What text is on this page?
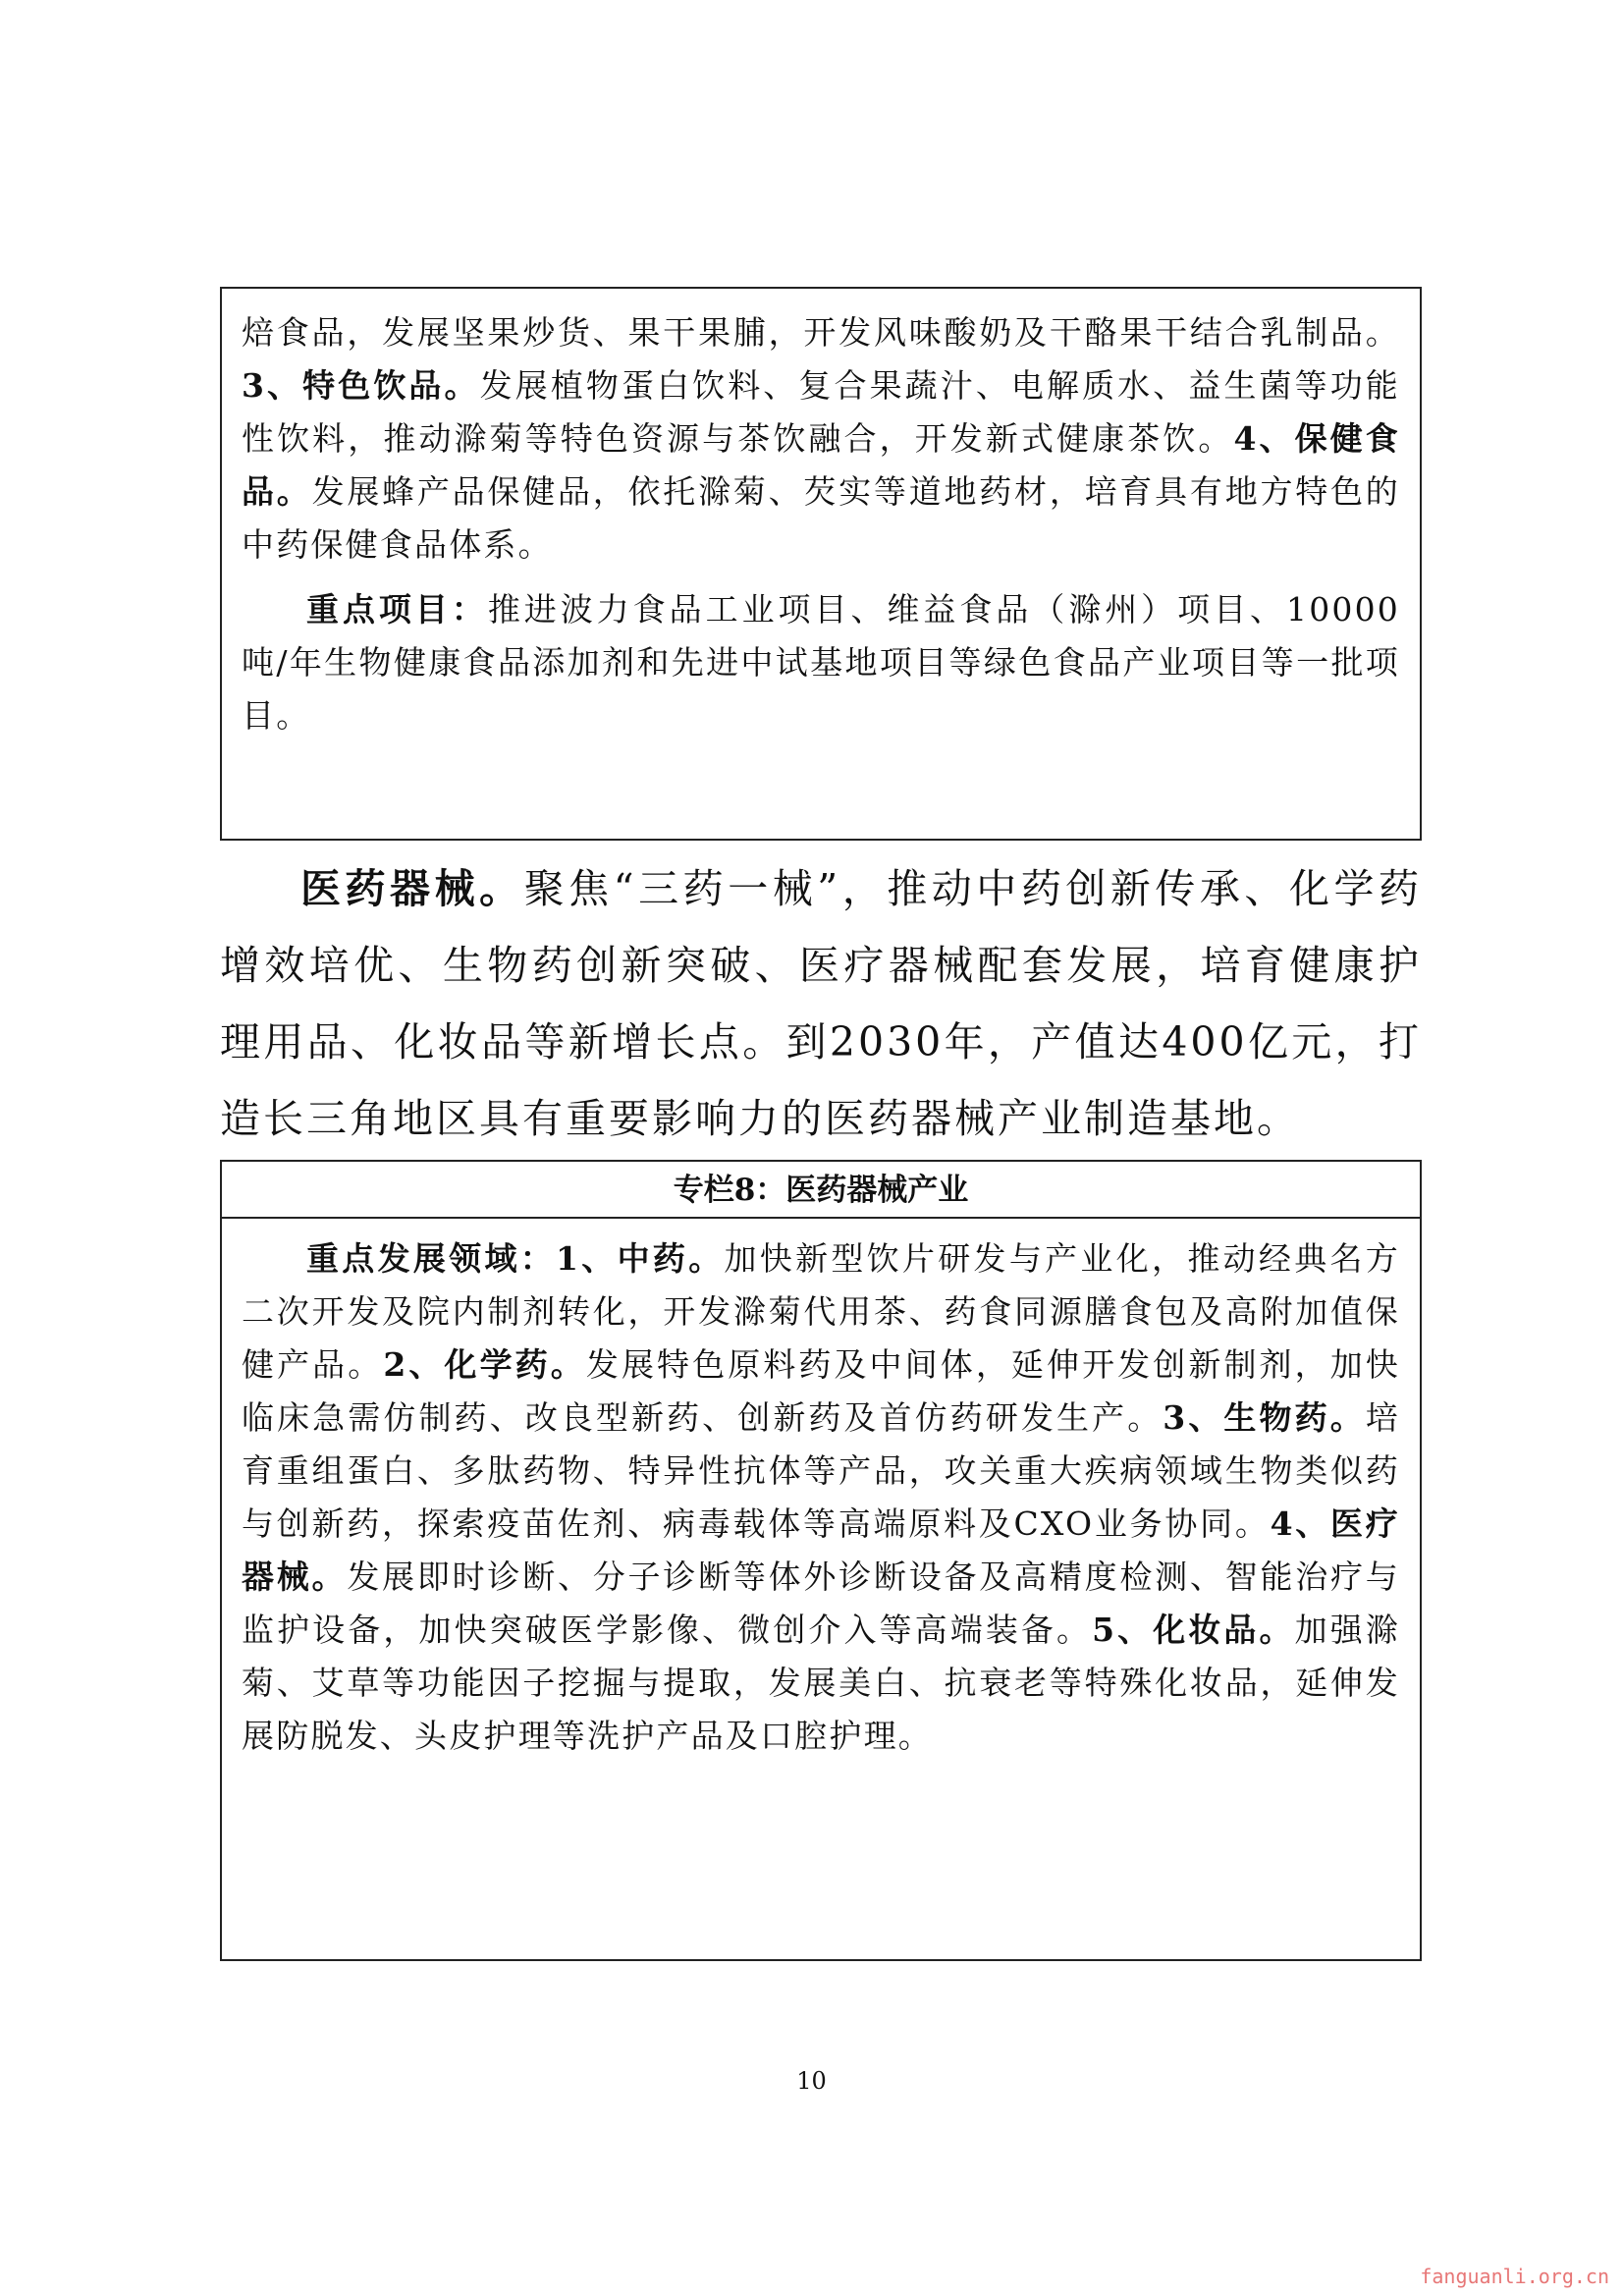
焙食品，发展坚果炒货、果干果脯，开发风味酸奶及干酪果干结合乳制品。3、特色饮品。发展植物蛋白饮料、复合果蔬汁、电解质水、益生菌等功能性饮料，推动滁菊等特色资源与茶饮融合，开发新式健康茶饮。4、保健食品。发展蜂产品保健品，依托滁菊、芡实等道地药材，培育具有地方特色的中药保健食品体系。

重点项目：推进波力食品工业项目、维益食品（滁州）项目、10000吨/年生物健康食品添加剂和先进中试基地项目等绿色食品产业项目等一批项目。

医药器械。聚焦“三药一械”，推动中药创新传承、化学药增效培优、生物药创新突破、医疗器械配套发展，培育健康护理用品、化妆品等新增长点。到2030年，产值达400亿元，打造长三角地区具有重要影响力的医药器械产业制造基地。

专栏8：医药器械产业

重点发展领域：1、中药。加快新型饮片研发与产业化，推动经典名方二次开发及院内制剂转化，开发滁菊代用茶、药食同源膳食包及高附加值保健产品。2、化学药。发展特色原料药及中间体，延伸开发创新制剂，加快临床急需仿制药、改良型新药、创新药及首仿药研发生产。3、生物药。培育重组蛋白、多肽药物、特异性抗体等产品，攻关重大疾病领域生物类似药与创新药，探索疫苗佐剂、病毒载体等高端原料及CXO业务协同。4、医疗器械。发展即时诊断、分子诊断等体外诊断设备及高精度检测、智能治疗与监护设备，加快突破医学影像、微创介入等高端装备。5、化妆品。加强滁菊、艾草等功能因子挖掘与提取，发展美白、抗衰老等特殊化妆品，延伸发展防脱发、头皮护理等洗护产品及口腔护理。

10
fanguanli.org.cn
